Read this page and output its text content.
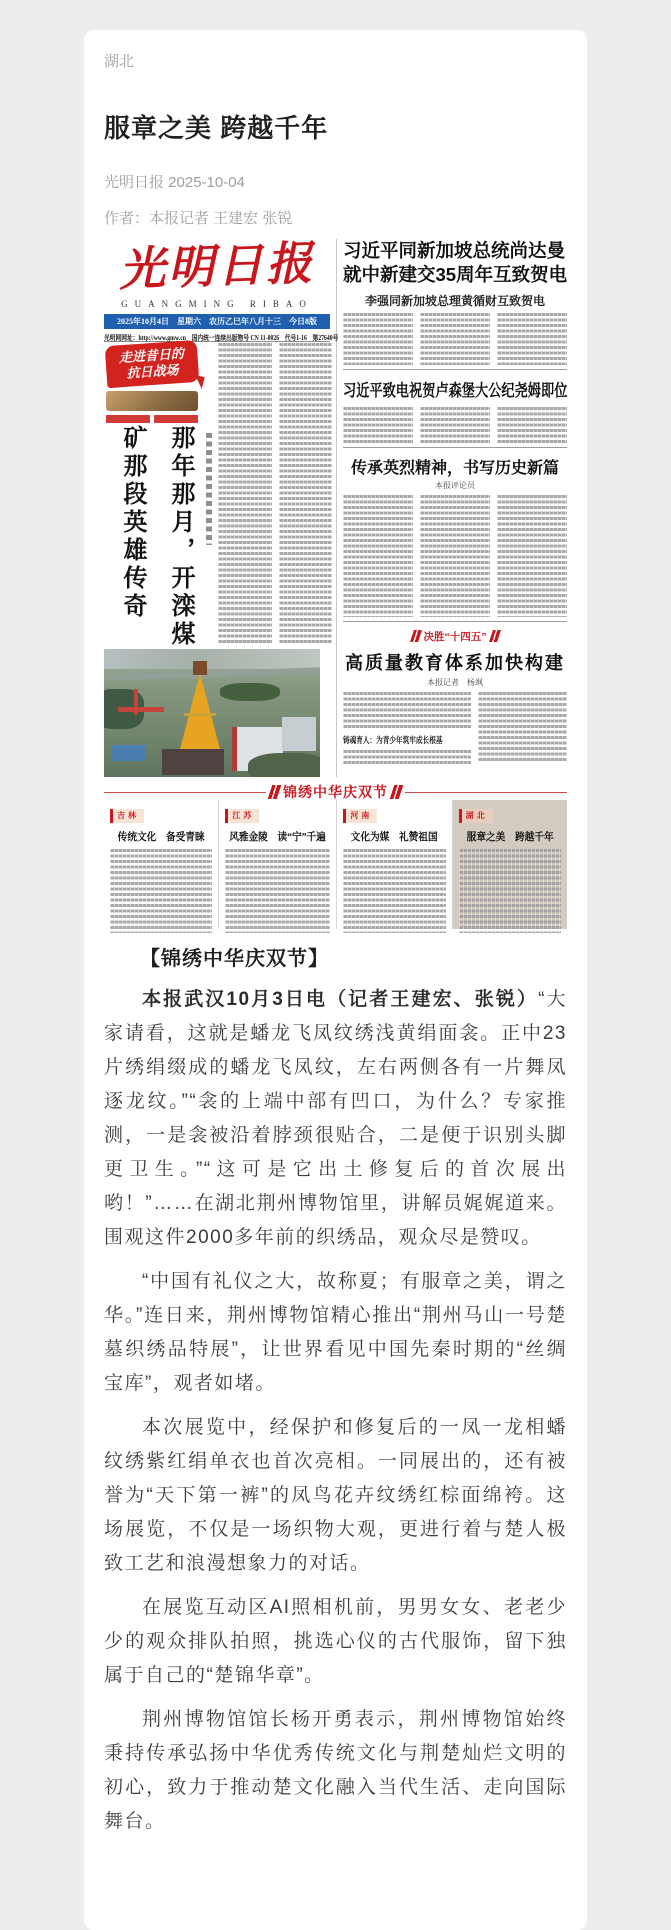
湖北
服章之美 跨越千年
光明日报 2025-10-04
作者：本报记者 王建宏 张锐
光明日报
GUANGMING RIBAO
2025年10月4日　星期六　农历乙巳年八月十三　今日8版
光明网网址：http://www.gmw.cn　国内统一连续出版物号 CN 11-0026　代号1-16　第27640号
习近平同新加坡总统尚达曼
就中新建交35周年互致贺电
李强同新加坡总理黄循财互致贺电
习近平致电祝贺卢森堡大公纪尧姆即位
传承英烈精神，书写历史新篇
本报评论员
决胜“十四五”
高质量教育体系加快构建
本报记者　杨飒
铸魂育人：为青少年筑牢成长根基
走进昔日的
抗日战场
那年那月，开滦煤矿那段英雄传奇
锦绣中华庆双节
吉林
传统文化　备受青睐
江苏
风雅金陵　读“宁”千遍
河南
文化为媒　礼赞祖国
湖北
服章之美　跨越千年
【锦绣中华庆双节】

本报武汉10月3日电（记者王建宏、张锐）“大家请看，这就是蟠龙飞凤纹绣浅黄绢面衾。正中23片绣绢缀成的蟠龙飞凤纹，左右两侧各有一片舞凤逐龙纹。”“衾的上端中部有凹口，为什么？专家推测，一是衾被沿着脖颈很贴合，二是便于识别头脚更卫生。”“这可是它出土修复后的首次展出哟！”……在湖北荆州博物馆里，讲解员娓娓道来。围观这件2000多年前的织绣品，观众尽是赞叹。

“中国有礼仪之大，故称夏；有服章之美，谓之华。”连日来，荆州博物馆精心推出“荆州马山一号楚墓织绣品特展”，让世界看见中国先秦时期的“丝绸宝库”，观者如堵。

本次展览中，经保护和修复后的一凤一龙相蟠纹绣紫红绢单衣也首次亮相。一同展出的，还有被誉为“天下第一裤”的凤鸟花卉纹绣红棕面绵袴。这场展览，不仅是一场织物大观，更进行着与楚人极致工艺和浪漫想象力的对话。

在展览互动区AI照相机前，男男女女、老老少少的观众排队拍照，挑选心仪的古代服饰，留下独属于自己的“楚锦华章”。

荆州博物馆馆长杨开勇表示，荆州博物馆始终秉持传承弘扬中华优秀传统文化与荆楚灿烂文明的初心，致力于推动楚文化融入当代生活、走向国际舞台。
